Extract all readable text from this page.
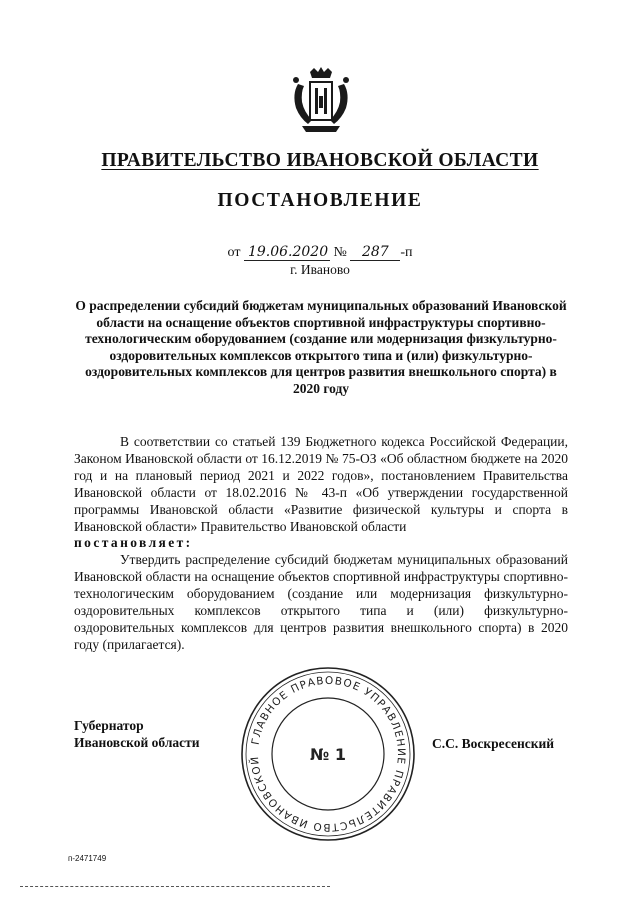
ПРАВИТЕЛЬСТВО ИВАНОВСКОЙ ОБЛАСТИ
ПОСТАНОВЛЕНИЕ
от 19.06.2020 № 287 -п
г. Иваново
О распределении субсидий бюджетам муниципальных образований Ивановской области на оснащение объектов спортивной инфраструктуры спортивно-технологическим оборудованием (создание или модернизация физкультурно-оздоровительных комплексов открытого типа и (или) физкультурно-оздоровительных комплексов для центров развития внешкольного спорта) в 2020 году

В соответствии со статьей 139 Бюджетного кодекса Российской Федерации, Законом Ивановской области от 16.12.2019 № 75-ОЗ «Об областном бюджете на 2020 год и на плановый период 2021 и 2022 годов», постановлением Правительства Ивановской области от 18.02.2016 № 43-п «Об утверждении государственной программы Ивановской области «Развитие физической культуры и спорта в Ивановской области» Правительство Ивановской области

постановляет:

Утвердить распределение субсидий бюджетам муниципальных образований Ивановской области на оснащение объектов спортивной инфраструктуры спортивно-технологическим оборудованием (создание или модернизация физкультурно-оздоровительных комплексов открытого типа и (или) физкультурно-оздоровительных комплексов для центров развития внешкольного спорта) в 2020 году (прилагается).

ГЛАВНОЕ ПРАВОВОЕ УПРАВЛЕНИЕ ПРАВИТЕЛЬСТВО ИВАНОВСКОЙ	№ 1
Губернатор
Ивановской области	С.С. Воскресенский
п-2471749
